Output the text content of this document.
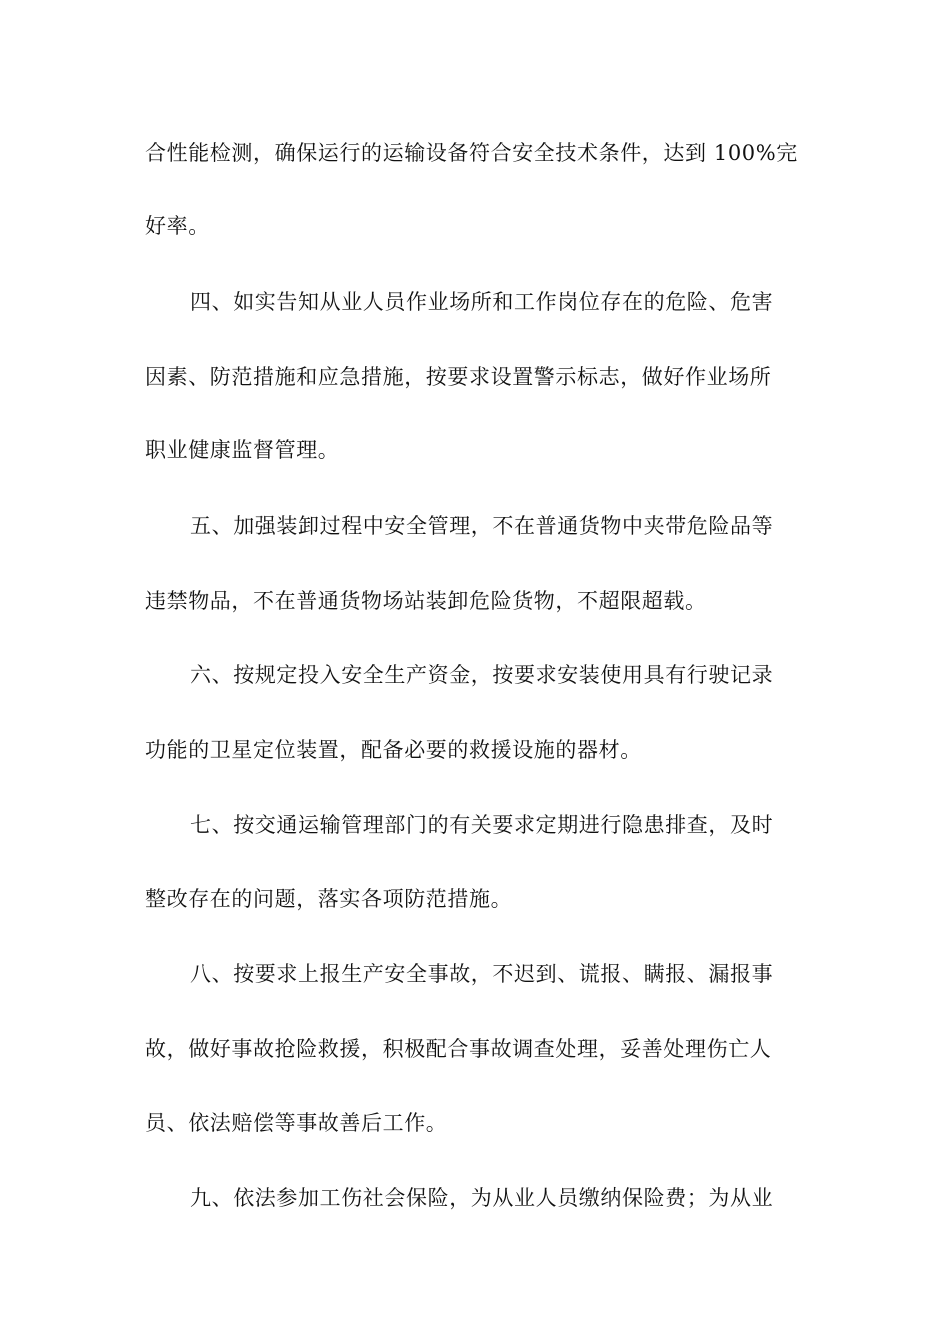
合性能检测，确保运行的运输设备符合安全技术条件，达到 100%完
好率。
四、如实告知从业人员作业场所和工作岗位存在的危险、危害
因素、防范措施和应急措施，按要求设置警示标志，做好作业场所
职业健康监督管理。
五、加强装卸过程中安全管理，不在普通货物中夹带危险品等
违禁物品，不在普通货物场站装卸危险货物，不超限超载。
六、按规定投入安全生产资金，按要求安装使用具有行驶记录
功能的卫星定位装置，配备必要的救援设施的器材。
七、按交通运输管理部门的有关要求定期进行隐患排查，及时
整改存在的问题，落实各项防范措施。
八、按要求上报生产安全事故，不迟到、谎报、瞒报、漏报事
故，做好事故抢险救援，积极配合事故调查处理，妥善处理伤亡人
员、依法赔偿等事故善后工作。
九、依法参加工伤社会保险，为从业人员缴纳保险费；为从业
